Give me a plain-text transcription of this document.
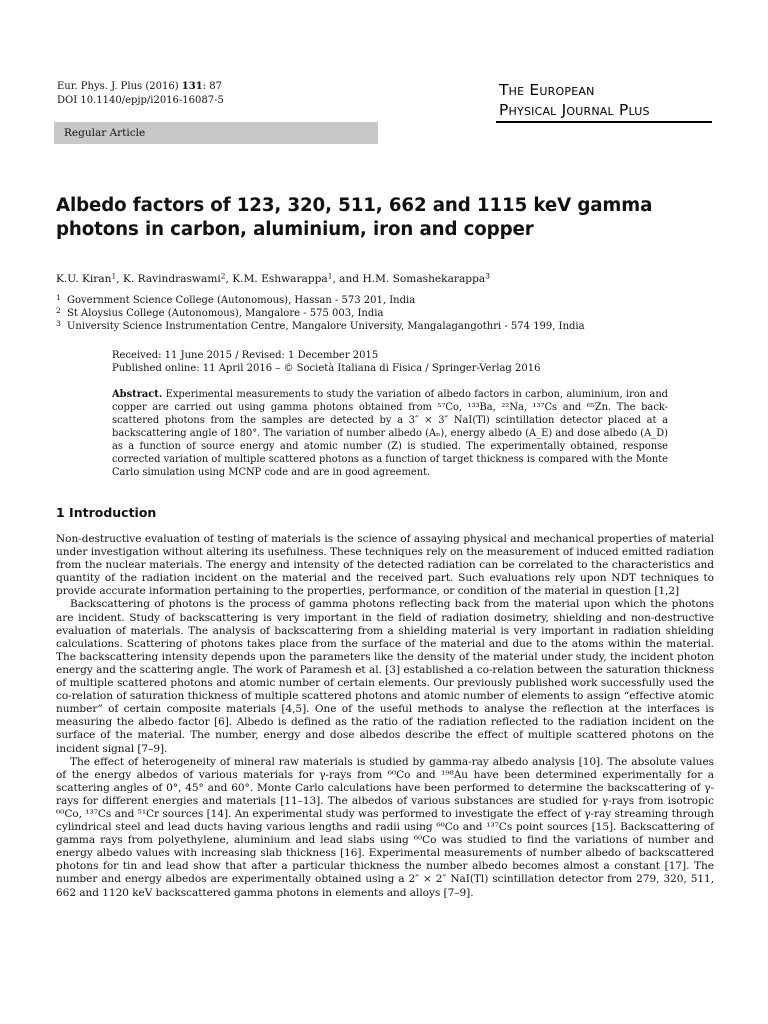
Eur. Phys. J. Plus (2016) 131: 87
DOI 10.1140/epjp/i2016-16087-5
The European
Physical Journal Plus
Regular Article
Albedo factors of 123, 320, 511, 662 and 1115 keV gamma photons in carbon, aluminium, iron and copper
K.U. Kiran$^1$, K. Ravindraswami$^2$, K.M. Eshwarappa$^1$, and H.M. Somashekarappa$^3$
1 Government Science College (Autonomous), Hassan - 573 201, India
2 St Aloysius College (Autonomous), Mangalore - 575 003, India
3 University Science Instrumentation Centre, Mangalore University, Mangalagangothri - 574 199, India
Received: 11 June 2015 / Revised: 1 December 2015
Published online: 11 April 2016 – © Società Italiana di Fisica / Springer-Verlag 2016
Abstract. Experimental measurements to study the variation of albedo factors in carbon, aluminium, iron and copper are carried out using gamma photons obtained from ⁵⁷Co, ¹³³Ba, ²²Na, ¹³⁷Cs and ⁶⁵Zn. The back-scattered photons from the samples are detected by a 3″ × 3″ NaI(Tl) scintillation detector placed at a backscattering angle of 180°. The variation of number albedo (Aₙ), energy albedo (A_E) and dose albedo (A_D) as a function of source energy and atomic number (Z) is studied. The experimentally obtained, response corrected variation of multiple scattered photons as a function of target thickness is compared with the Monte Carlo simulation using MCNP code and are in good agreement.
1 Introduction

Non-destructive evaluation of testing of materials is the science of assaying physical and mechanical properties of material under investigation without altering its usefulness. These techniques rely on the measurement of induced emitted radiation from the nuclear materials. The energy and intensity of the detected radiation can be correlated to the characteristics and quantity of the radiation incident on the material and the received part. Such evaluations rely upon NDT techniques to provide accurate information pertaining to the properties, performance, or condition of the material in question [1,2]

Backscattering of photons is the process of gamma photons reflecting back from the material upon which the photons are incident. Study of backscattering is very important in the field of radiation dosimetry, shielding and non-destructive evaluation of materials. The analysis of backscattering from a shielding material is very important in radiation shielding calculations. Scattering of photons takes place from the surface of the material and due to the atoms within the material. The backscattering intensity depends upon the parameters like the density of the material under study, the incident photon energy and the scattering angle. The work of Paramesh et al. [3] established a co-relation between the saturation thickness of multiple scattered photons and atomic number of certain elements. Our previously published work successfully used the co-relation of saturation thickness of multiple scattered photons and atomic number of elements to assign “effective atomic number” of certain composite materials [4,5]. One of the useful methods to analyse the reflection at the interfaces is measuring the albedo factor [6]. Albedo is defined as the ratio of the radiation reflected to the radiation incident on the surface of the material. The number, energy and dose albedos describe the effect of multiple scattered photons on the incident signal [7–9].

The effect of heterogeneity of mineral raw materials is studied by gamma-ray albedo analysis [10]. The absolute values of the energy albedos of various materials for γ-rays from ⁶⁰Co and ¹⁹⁸Au have been determined experimentally for a scattering angles of 0°, 45° and 60°. Monte Carlo calculations have been performed to determine the backscattering of γ-rays for different energies and materials [11–13]. The albedos of various substances are studied for γ-rays from isotropic ⁶⁰Co, ¹³⁷Cs and ⁵¹Cr sources [14]. An experimental study was performed to investigate the effect of γ-ray streaming through cylindrical steel and lead ducts having various lengths and radii using ⁶⁰Co and ¹³⁷Cs point sources [15]. Backscattering of gamma rays from polyethylene, aluminium and lead slabs using ⁶⁰Co was studied to find the variations of number and energy albedo values with increasing slab thickness [16]. Experimental measurements of number albedo of backscattered photons for tin and lead show that after a particular thickness the number albedo becomes almost a constant [17]. The number and energy albedos are experimentally obtained using a 2″ × 2″ NaI(Tl) scintillation detector from 279, 320, 511, 662 and 1120 keV backscattered gamma photons in elements and alloys [7–9].
